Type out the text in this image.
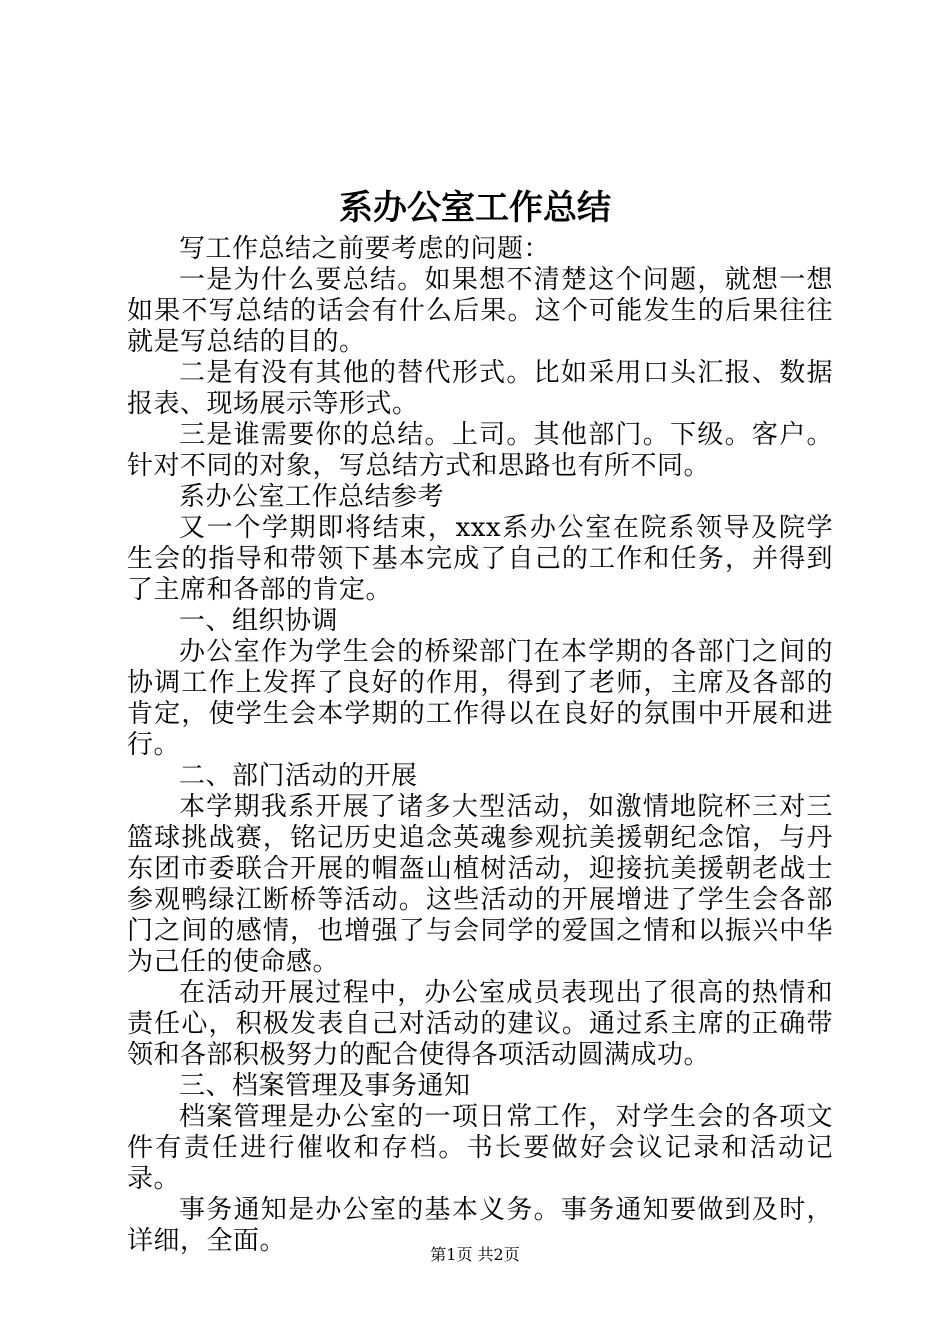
系办公室工作总结

写工作总结之前要考虑的问题：

一是为什么要总结。如果想不清楚这个问题，就想一想如果不写总结的话会有什么后果。这个可能发生的后果往往就是写总结的目的。

二是有没有其他的替代形式。比如采用口头汇报、数据报表、现场展示等形式。

三是谁需要你的总结。上司。其他部门。下级。客户。针对不同的对象，写总结方式和思路也有所不同。

系办公室工作总结参考

又一个学期即将结束，xxx系办公室在院系领导及院学生会的指导和带领下基本完成了自己的工作和任务，并得到了主席和各部的肯定。

一、组织协调

办公室作为学生会的桥梁部门在本学期的各部门之间的协调工作上发挥了良好的作用，得到了老师，主席及各部的肯定，使学生会本学期的工作得以在良好的氛围中开展和进行。

二、部门活动的开展

本学期我系开展了诸多大型活动，如激情地院杯三对三篮球挑战赛，铭记历史追念英魂参观抗美援朝纪念馆，与丹东团市委联合开展的帽盔山植树活动，迎接抗美援朝老战士参观鸭绿江断桥等活动。这些活动的开展增进了学生会各部门之间的感情，也增强了与会同学的爱国之情和以振兴中华为己任的使命感。

在活动开展过程中，办公室成员表现出了很高的热情和责任心，积极发表自己对活动的建议。通过系主席的正确带领和各部积极努力的配合使得各项活动圆满成功。

三、档案管理及事务通知

档案管理是办公室的一项日常工作，对学生会的各项文件有责任进行催收和存档。书长要做好会议记录和活动记录。

事务通知是办公室的基本义务。事务通知要做到及时，详细，全面。	第1页 共2页
